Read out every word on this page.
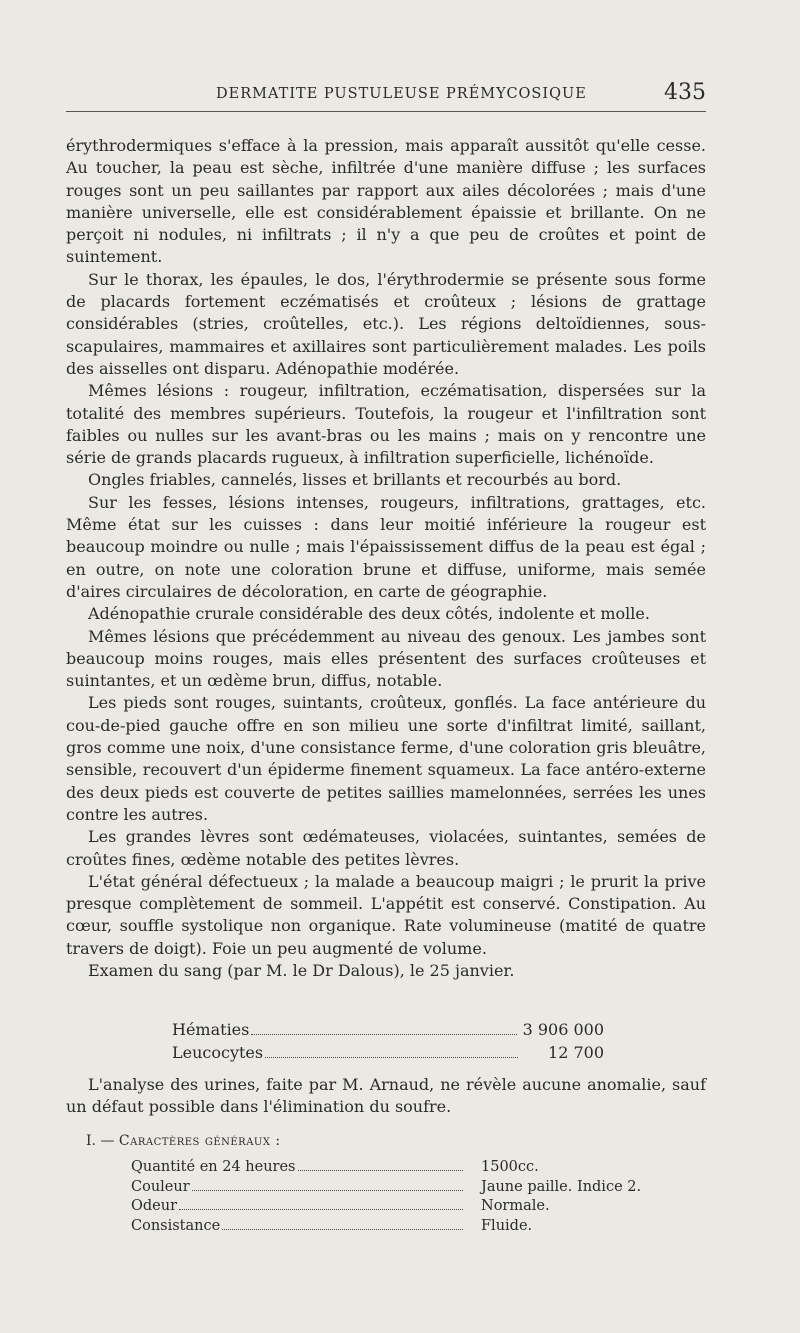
DERMATITE PUSTULEUSE PRÉMYCOSIQUE	435

érythrodermiques s'efface à la pression, mais apparaît aussitôt qu'elle cesse. Au toucher, la peau est sèche, infiltrée d'une manière diffuse ; les surfaces rouges sont un peu saillantes par rapport aux ailes décolorées ; mais d'une manière universelle, elle est considérablement épaissie et brillante. On ne perçoit ni nodules, ni infiltrats ; il n'y a que peu de croûtes et point de suintement.

Sur le thorax, les épaules, le dos, l'érythrodermie se présente sous forme de placards fortement eczématisés et croûteux ; lésions de grattage considérables (stries, croûtelles, etc.). Les régions deltoïdiennes, sous-scapulaires, mammaires et axillaires sont particulièrement malades. Les poils des aisselles ont disparu. Adénopathie modérée.

Mêmes lésions : rougeur, infiltration, eczématisation, dispersées sur la totalité des membres supérieurs. Toutefois, la rougeur et l'infiltration sont faibles ou nulles sur les avant-bras ou les mains ; mais on y rencontre une série de grands placards rugueux, à infiltration superficielle, lichénoïde.

Ongles friables, cannelés, lisses et brillants et recourbés au bord.

Sur les fesses, lésions intenses, rougeurs, infiltrations, grattages, etc. Même état sur les cuisses : dans leur moitié inférieure la rougeur est beaucoup moindre ou nulle ; mais l'épaississement diffus de la peau est égal ; en outre, on note une coloration brune et diffuse, uniforme, mais semée d'aires circulaires de décoloration, en carte de géographie.

Adénopathie crurale considérable des deux côtés, indolente et molle.

Mêmes lésions que précédemment au niveau des genoux. Les jambes sont beaucoup moins rouges, mais elles présentent des surfaces croûteuses et suintantes, et un œdème brun, diffus, notable.

Les pieds sont rouges, suintants, croûteux, gonflés. La face antérieure du cou-de-pied gauche offre en son milieu une sorte d'infiltrat limité, saillant, gros comme une noix, d'une consistance ferme, d'une coloration gris bleuâtre, sensible, recouvert d'un épiderme finement squameux. La face antéro-externe des deux pieds est couverte de petites saillies mamelonnées, serrées les unes contre les autres.

Les grandes lèvres sont œdémateuses, violacées, suintantes, semées de croûtes fines, œdème notable des petites lèvres.

L'état général défectueux ; la malade a beaucoup maigri ; le prurit la prive presque complètement de sommeil. L'appétit est conservé. Constipation. Au cœur, souffle systolique non organique. Rate volumineuse (matité de quatre travers de doigt). Foie un peu augmenté de volume.

Examen du sang (par M. le Dr Dalous), le 25 janvier.

Hématies	3 906 000
Leucocytes	12 700

L'analyse des urines, faite par M. Arnaud, ne révèle aucune anomalie, sauf un défaut possible dans l'élimination du soufre.

I. — Caractères généraux :
Quantité en 24 heures	1500cc.
Couleur	Jaune paille. Indice 2.
Odeur	Normale.
Consistance	Fluide.
